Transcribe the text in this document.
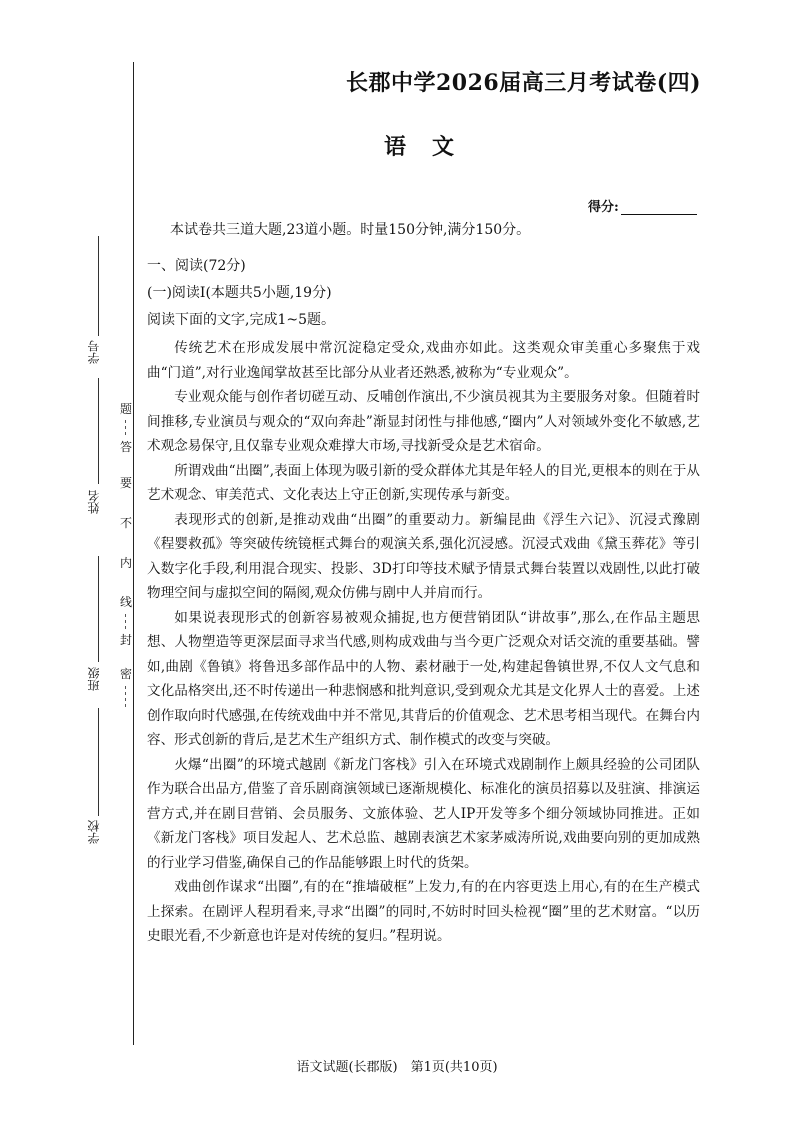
学校
班级
姓名
学号
密
封
线
内
不
要
答
题
长郡中学2026届高三月考试卷(四)
语文
得分:
本试卷共三道大题,23道小题。时量150分钟,满分150分。
一、阅读(72分)
(一)阅读Ⅰ(本题共5小题,19分)
阅读下面的文字,完成1~5题。

传统艺术在形成发展中常沉淀稳定受众,戏曲亦如此。这类观众审美重心多聚焦于戏曲“门道”,对行业逸闻掌故甚至比部分从业者还熟悉,被称为“专业观众”。

专业观众能与创作者切磋互动、反哺创作演出,不少演员视其为主要服务对象。但随着时间推移,专业演员与观众的“双向奔赴”渐显封闭性与排他感,“圈内”人对领域外变化不敏感,艺术观念易保守,且仅靠专业观众难撑大市场,寻找新受众是艺术宿命。

所谓戏曲“出圈”,表面上体现为吸引新的受众群体尤其是年轻人的目光,更根本的则在于从艺术观念、审美范式、文化表达上守正创新,实现传承与新变。

表现形式的创新,是推动戏曲“出圈”的重要动力。新编昆曲《浮生六记》、沉浸式豫剧《程婴救孤》等突破传统镜框式舞台的观演关系,强化沉浸感。沉浸式戏曲《黛玉葬花》等引入数字化手段,利用混合现实、投影、3D打印等技术赋予情景式舞台装置以戏剧性,以此打破物理空间与虚拟空间的隔阂,观众仿佛与剧中人并肩而行。

如果说表现形式的创新容易被观众捕捉,也方便营销团队“讲故事”,那么,在作品主题思想、人物塑造等更深层面寻求当代感,则构成戏曲与当今更广泛观众对话交流的重要基础。譬如,曲剧《鲁镇》将鲁迅多部作品中的人物、素材融于一处,构建起鲁镇世界,不仅人文气息和文化品格突出,还不时传递出一种悲悯感和批判意识,受到观众尤其是文化界人士的喜爱。上述创作取向时代感强,在传统戏曲中并不常见,其背后的价值观念、艺术思考相当现代。在舞台内容、形式创新的背后,是艺术生产组织方式、制作模式的改变与突破。

火爆“出圈”的环境式越剧《新龙门客栈》引入在环境式戏剧制作上颇具经验的公司团队作为联合出品方,借鉴了音乐剧商演领域已逐渐规模化、标准化的演员招募以及驻演、排演运营方式,并在剧目营销、会员服务、文旅体验、艺人IP开发等多个细分领域协同推进。正如《新龙门客栈》项目发起人、艺术总监、越剧表演艺术家茅威涛所说,戏曲要向别的更加成熟的行业学习借鉴,确保自己的作品能够跟上时代的货架。

戏曲创作谋求“出圈”,有的在“推墙破框”上发力,有的在内容更迭上用心,有的在生产模式上探索。在剧评人程玥看来,寻求“出圈”的同时,不妨时时回头检视“圈”里的艺术财富。“以历史眼光看,不少新意也许是对传统的复归。”程玥说。

语文试题(长郡版)　第1页(共10页)
